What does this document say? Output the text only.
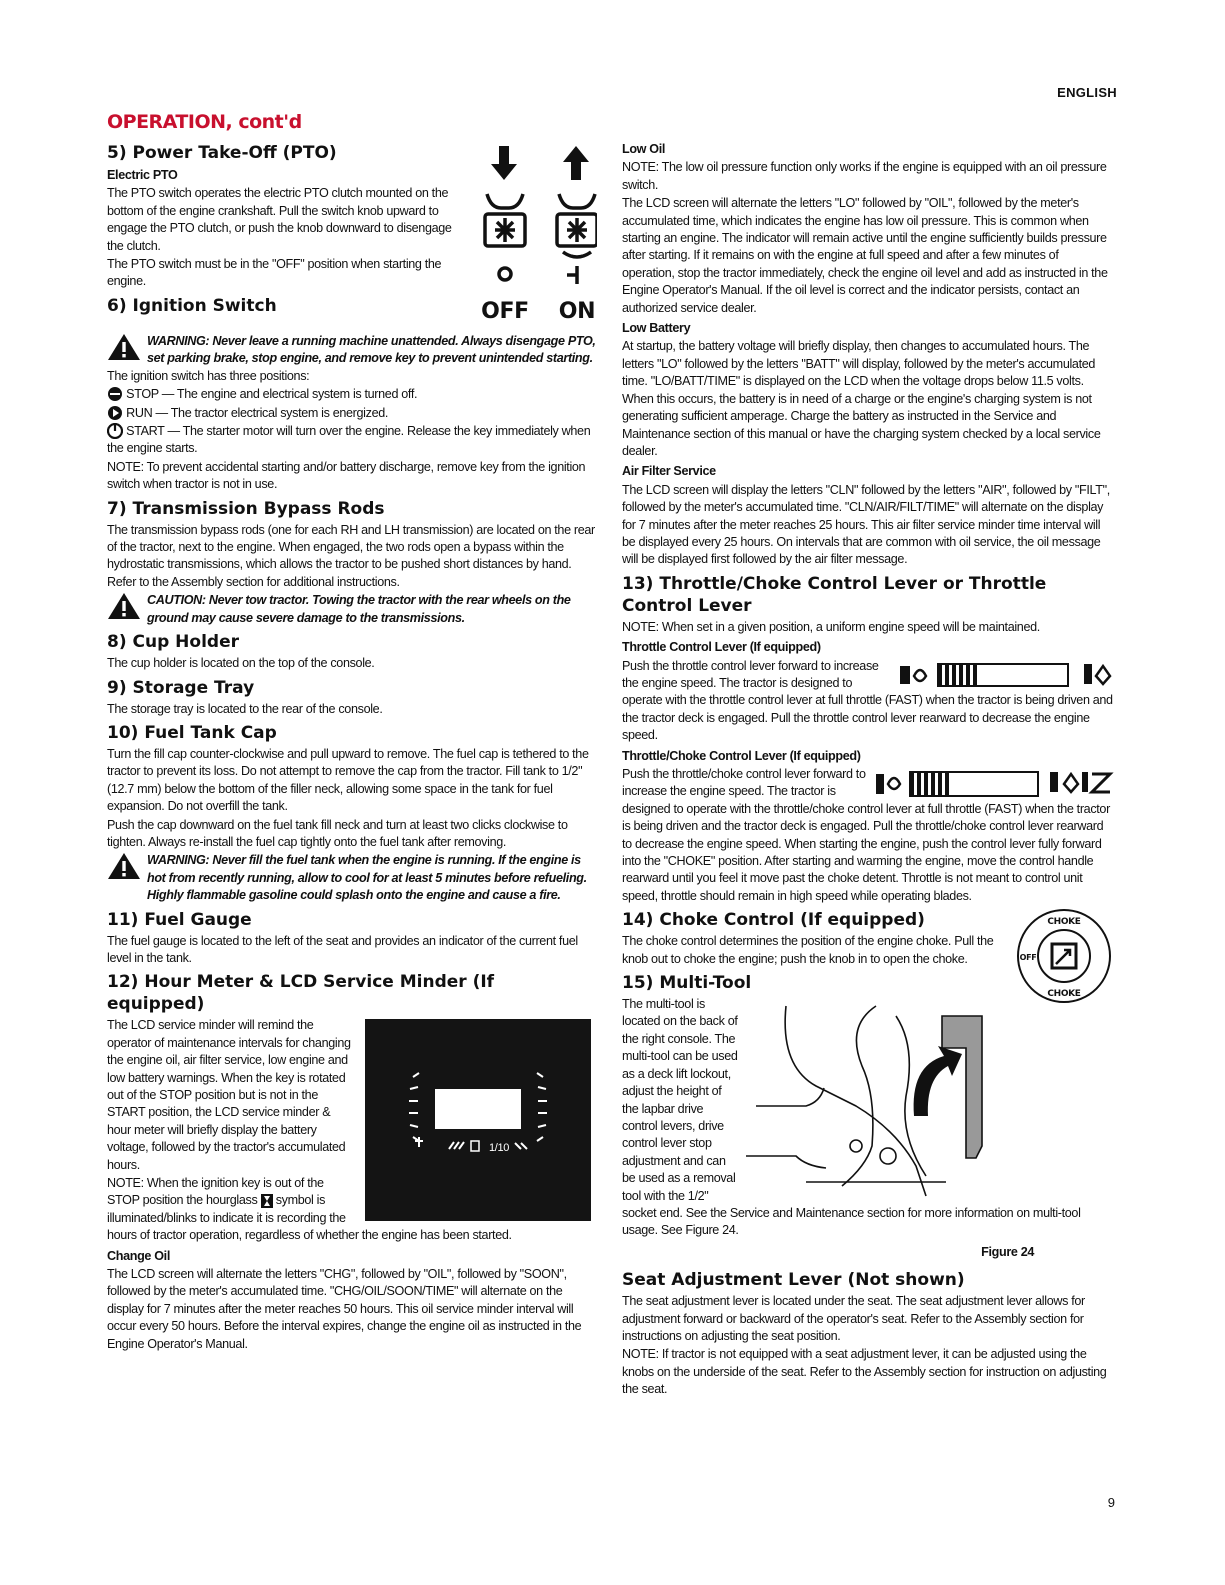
ENGLISH
OPERATION, cont'd
OFF ON
5) Power Take-Off (PTO)
Electric PTO

The PTO switch operates the electric PTO clutch mounted on the bottom of the engine crankshaft. Pull the switch knob upward to engage the PTO clutch, or push the knob downward to disengage the clutch.

The PTO switch must be in the "OFF" position when starting the engine.

6) Ignition Switch
WARNING: Never leave a running machine unattended. Always disengage PTO, set parking brake, stop engine, and remove key to prevent unintended starting.

The ignition switch has three positions:

STOP — The engine and electrical system is turned off.

RUN — The tractor electrical system is energized.

START — The starter motor will turn over the engine. Release the key immediately when the engine starts.

NOTE: To prevent accidental starting and/or battery discharge, remove key from the ignition switch when tractor is not in use.

7) Transmission Bypass Rods

The transmission bypass rods (one for each RH and LH transmission) are located on the rear of the tractor, next to the engine. When engaged, the two rods open a bypass within the hydrostatic transmissions, which allows the tractor to be pushed short distances by hand. Refer to the Assembly section for additional instructions.

CAUTION: Never tow tractor. Towing the tractor with the rear wheels on the ground may cause severe damage to the transmissions.
8) Cup Holder

The cup holder is located on the top of the console.

9) Storage Tray

The storage tray is located to the rear of the console.

10) Fuel Tank Cap

Turn the fill cap counter-clockwise and pull upward to remove. The fuel cap is tethered to the tractor to prevent its loss. Do not attempt to remove the cap from the tractor. Fill tank to 1/2" (12.7 mm) below the bottom of the filler neck, allowing some space in the tank for fuel expansion. Do not overfill the tank.

Push the cap downward on the fuel tank fill neck and turn at least two clicks clockwise to tighten. Always re-install the fuel cap tightly onto the fuel tank after removing.

WARNING: Never fill the fuel tank when the engine is running. If the engine is hot from recently running, allow to cool for at least 5 minutes before refueling. Highly flammable gasoline could splash onto the engine and cause a fire.
11) Fuel Gauge

The fuel gauge is located to the left of the seat and provides an indicator of the current fuel level in the tank.

12) Hour Meter & LCD Service Minder (If equipped)
1/10

The LCD service minder will remind the operator of maintenance intervals for changing the engine oil, air filter service, low engine and low battery warnings. When the key is rotated out of the STOP position but is not in the START position, the LCD service minder & hour meter will briefly display the battery voltage, followed by the tractor's accumulated hours.

NOTE: When the ignition key is out of the STOP position the hourglass symbol is illuminated/blinks to indicate it is recording the hours of tractor operation, regardless of whether the engine has been started.

Change Oil

The LCD screen will alternate the letters "CHG", followed by "OIL", followed by "SOON", followed by the meter's accumulated time. "CHG/OIL/SOON/TIME" will alternate on the display for 7 minutes after the meter reaches 50 hours. This oil service minder interval will occur every 50 hours. Before the interval expires, change the engine oil as instructed in the Engine Operator's Manual.

Low Oil

NOTE: The low oil pressure function only works if the engine is equipped with an oil pressure switch.

The LCD screen will alternate the letters "LO" followed by "OIL", followed by the meter's accumulated time, which indicates the engine has low oil pressure. This is common when starting an engine. The indicator will remain active until the engine sufficiently builds pressure after starting. If it remains on with the engine at full speed and after a few minutes of operation, stop the tractor immediately, check the engine oil level and add as instructed in the Engine Operator's Manual. If the oil level is correct and the indicator persists, contact an authorized service dealer.

Low Battery

At startup, the battery voltage will briefly display, then changes to accumulated hours. The letters "LO" followed by the letters "BATT" will display, followed by the meter's accumulated time. "LO/BATT/TIME" is displayed on the LCD when the voltage drops below 11.5 volts. When this occurs, the battery is in need of a charge or the engine's charging system is not generating sufficient amperage. Charge the battery as instructed in the Service and Maintenance section of this manual or have the charging system checked by a local service dealer.

Air Filter Service

The LCD screen will display the letters "CLN" followed by the letters "AIR", followed by "FILT", followed by the meter's accumulated time. "CLN/AIR/FILT/TIME" will alternate on the display for 7 minutes after the meter reaches 25 hours. This air filter service minder time interval will be displayed every 25 hours. On intervals that are common with oil service, the oil message will be displayed first followed by the air filter message.

13) Throttle/Choke Control Lever or Throttle Control Lever

NOTE: When set in a given position, a uniform engine speed will be maintained.

Throttle Control Lever (If equipped)

Push the throttle control lever forward to increase the engine speed. The tractor is designed to operate with the throttle control lever at full throttle (FAST) when the tractor is being driven and the tractor deck is engaged. Pull the throttle control lever rearward to decrease the engine speed.

Throttle/Choke Control Lever (If equipped)

Push the throttle/choke control lever forward to increase the engine speed. The tractor is designed to operate with the throttle/choke control lever at full throttle (FAST) when the tractor is being driven and the tractor deck is engaged. Pull the throttle/choke control lever rearward to decrease the engine speed. When starting the engine, push the control lever fully forward into the "CHOKE" position. After starting and warming the engine, move the control handle rearward until you feel it move past the choke detent. Throttle is not meant to control unit speed, throttle should remain in high speed while operating blades.

CHOKE
CHOKE
OFF
14) Choke Control (If equipped)

The choke control determines the position of the engine choke. Pull the knob out to choke the engine; push the knob in to open the choke.

15) Multi-Tool

The multi-tool is located on the back of the right console. The multi-tool can be used as a deck lift lockout, adjust the height of the lapbar drive control levers, drive control lever stop adjustment and can be used as a removal tool with the 1/2" socket end. See the Service and Maintenance section for more information on multi-tool usage. See Figure 24.

Figure 24
Seat Adjustment Lever (Not shown)

The seat adjustment lever is located under the seat. The seat adjustment lever allows for adjustment forward or backward of the operator's seat. Refer to the Assembly section for instructions on adjusting the seat position.

NOTE: If tractor is not equipped with a seat adjustment lever, it can be adjusted using the knobs on the underside of the seat. Refer to the Assembly section for instruction on adjusting the seat.

9
